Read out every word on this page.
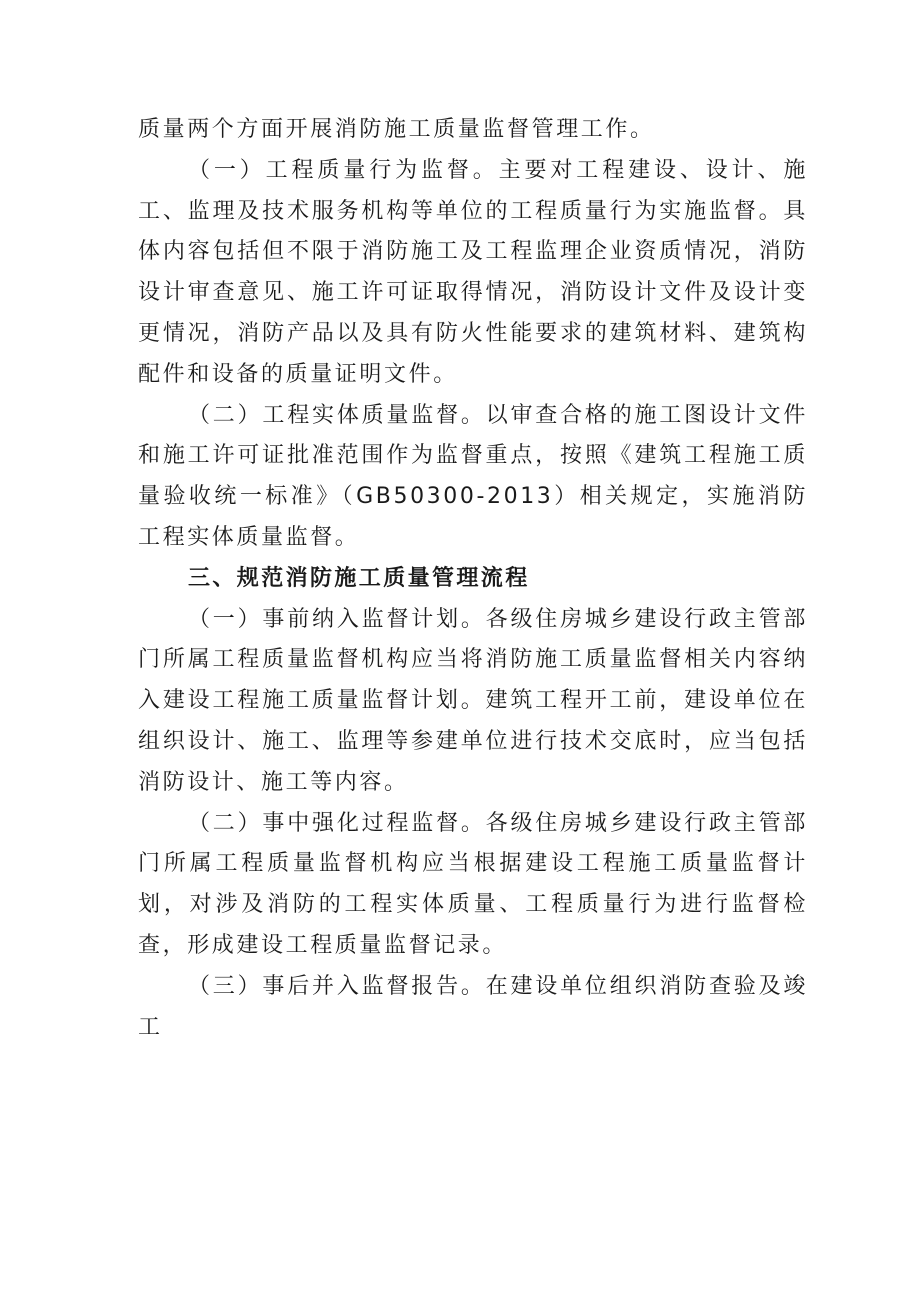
质量两个方面开展消防施工质量监督管理工作。

（一）工程质量行为监督。主要对工程建设、设计、施工、监理及技术服务机构等单位的工程质量行为实施监督。具体内容包括但不限于消防施工及工程监理企业资质情况，消防设计审查意见、施工许可证取得情况，消防设计文件及设计变更情况，消防产品以及具有防火性能要求的建筑材料、建筑构配件和设备的质量证明文件。

（二）工程实体质量监督。以审查合格的施工图设计文件和施工许可证批准范围作为监督重点，按照《建筑工程施工质量验收统一标准》（GB50300-2013）相关规定，实施消防工程实体质量监督。

三、规范消防施工质量管理流程

（一）事前纳入监督计划。各级住房城乡建设行政主管部门所属工程质量监督机构应当将消防施工质量监督相关内容纳入建设工程施工质量监督计划。建筑工程开工前，建设单位在组织设计、施工、监理等参建单位进行技术交底时，应当包括消防设计、施工等内容。

（二）事中强化过程监督。各级住房城乡建设行政主管部门所属工程质量监督机构应当根据建设工程施工质量监督计划，对涉及消防的工程实体质量、工程质量行为进行监督检查，形成建设工程质量监督记录。

（三）事后并入监督报告。在建设单位组织消防查验及竣工
